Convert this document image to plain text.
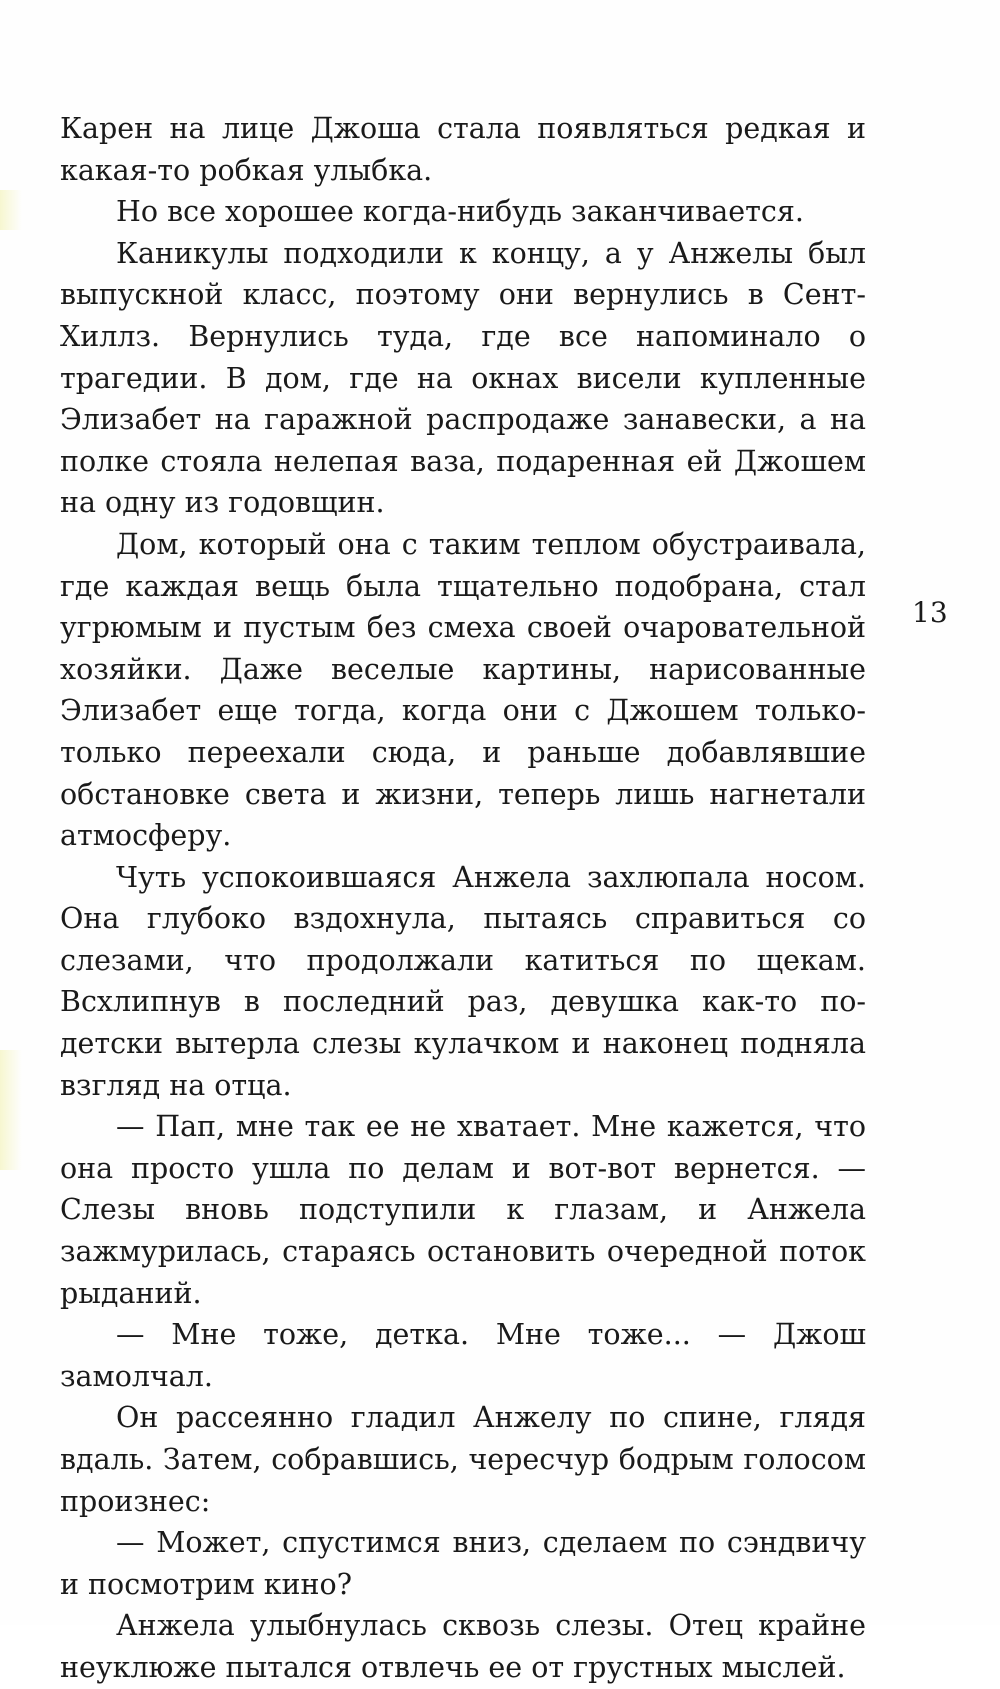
Карен на лице Джоша стала появляться редкая и какая-то робкая улыбка.

Но все хорошее когда-нибудь заканчивается.

Каникулы подходили к концу, а у Анжелы был выпускной класс, поэтому они вернулись в Сент-Хиллз. Вернулись туда, где все напоминало о трагедии. В дом, где на окнах висели купленные Элизабет на гаражной распродаже занавески, а на полке стояла нелепая ваза, подаренная ей Джошем на одну из годовщин.

Дом, который она с таким теплом обустраивала, где каждая вещь была тщательно подобрана, стал угрюмым и пустым без смеха своей очаровательной хозяйки. Даже веселые картины, нарисованные Элизабет еще тогда, когда они с Джошем только-только переехали сюда, и раньше добавлявшие обстановке света и жизни, теперь лишь нагнетали атмосферу.

Чуть успокоившаяся Анжела захлюпала носом. Она глубоко вздохнула, пытаясь справиться со слезами, что продолжали катиться по щекам. Всхлипнув в последний раз, девушка как-то по-детски вытерла слезы кулачком и наконец подняла взгляд на отца.

— Пап, мне так ее не хватает. Мне кажется, что она просто ушла по делам и вот-вот вернется. — Слезы вновь подступили к глазам, и Анжела зажмурилась, стараясь остановить очередной поток рыданий.

— Мне тоже, детка. Мне тоже... — Джош замолчал.

Он рассеянно гладил Анжелу по спине, глядя вдаль. Затем, собравшись, чересчур бодрым голосом произнес:

— Может, спустимся вниз, сделаем по сэндвичу и посмотрим кино?

Анжела улыбнулась сквозь слезы. Отец крайне неуклюже пытался отвлечь ее от грустных мыслей.

13
